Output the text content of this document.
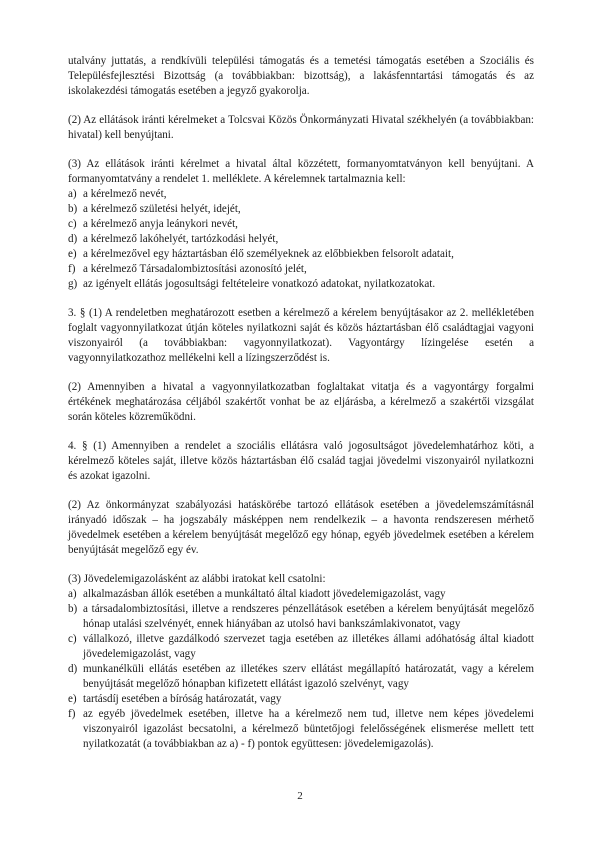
utalvány juttatás, a rendkívüli települési támogatás és a temetési támogatás esetében a Szociális és Településfejlesztési Bizottság (a továbbiakban: bizottság), a lakásfenntartási támogatás és az iskolakezdési támogatás esetében a jegyző gyakorolja.

(2) Az ellátások iránti kérelmeket a Tolcsvai Közös Önkormányzati Hivatal székhelyén (a továbbiakban: hivatal) kell benyújtani.

(3) Az ellátások iránti kérelmet a hivatal által közzétett, formanyomtatványon kell benyújtani. A formanyomtatvány a rendelet 1. melléklete. A kérelemnek tartalmaznia kell:

a) a kérelmező nevét,
b) a kérelmező születési helyét, idejét,
c) a kérelmező anyja leánykori nevét,
d) a kérelmező lakóhelyét, tartózkodási helyét,
e) a kérelmezővel egy háztartásban élő személyeknek az előbbiekben felsorolt adatait,
f) a kérelmező Társadalombiztosítási azonosító jelét,
g) az igényelt ellátás jogosultsági feltételeire vonatkozó adatokat, nyilatkozatokat.

3. § (1) A rendeletben meghatározott esetben a kérelmező a kérelem benyújtásakor az 2. mellékletében foglalt vagyonnyilatkozat útján köteles nyilatkozni saját és közös háztartásban élő családtagjai vagyoni viszonyairól (a továbbiakban: vagyonnyilatkozat). Vagyontárgy lízingelése esetén a vagyonnyilatkozathoz mellékelni kell a lízingszerződést is.

(2) Amennyiben a hivatal a vagyonnyilatkozatban foglaltakat vitatja és a vagyontárgy forgalmi értékének meghatározása céljából szakértőt vonhat be az eljárásba, a kérelmező a szakértői vizsgálat során köteles közreműködni.

4. § (1) Amennyiben a rendelet a szociális ellátásra való jogosultságot jövedelemhatárhoz köti, a kérelmező köteles saját, illetve közös háztartásban élő család tagjai jövedelmi viszonyairól nyilatkozni és azokat igazolni.

(2) Az önkormányzat szabályozási hatáskörébe tartozó ellátások esetében a jövedelemszámításnál irányadó időszak – ha jogszabály másképpen nem rendelkezik – a havonta rendszeresen mérhető jövedelmek esetében a kérelem benyújtását megelőző egy hónap, egyéb jövedelmek esetében a kérelem benyújtását megelőző egy év.

(3) Jövedelemigazolásként az alábbi iratokat kell csatolni:

a) alkalmazásban állók esetében a munkáltató által kiadott jövedelemigazolást, vagy
b) a társadalombiztosítási, illetve a rendszeres pénzellátások esetében a kérelem benyújtását megelőző hónap utalási szelvényét, ennek hiányában az utolsó havi bankszámlakivonatot, vagy
c) vállalkozó, illetve gazdálkodó szervezet tagja esetében az illetékes állami adóhatóság által kiadott jövedelemigazolást, vagy
d) munkanélküli ellátás esetében az illetékes szerv ellátást megállapító határozatát, vagy a kérelem benyújtását megelőző hónapban kifizetett ellátást igazoló szelvényt, vagy
e) tartásdíj esetében a bíróság határozatát, vagy
f) az egyéb jövedelmek esetében, illetve ha a kérelmező nem tud, illetve nem képes jövedelemi viszonyairól igazolást becsatolni, a kérelmező büntetőjogi felelősségének elismerése mellett tett nyilatkozatát (a továbbiakban az a) - f) pontok együttesen: jövedelemigazolás).
2
